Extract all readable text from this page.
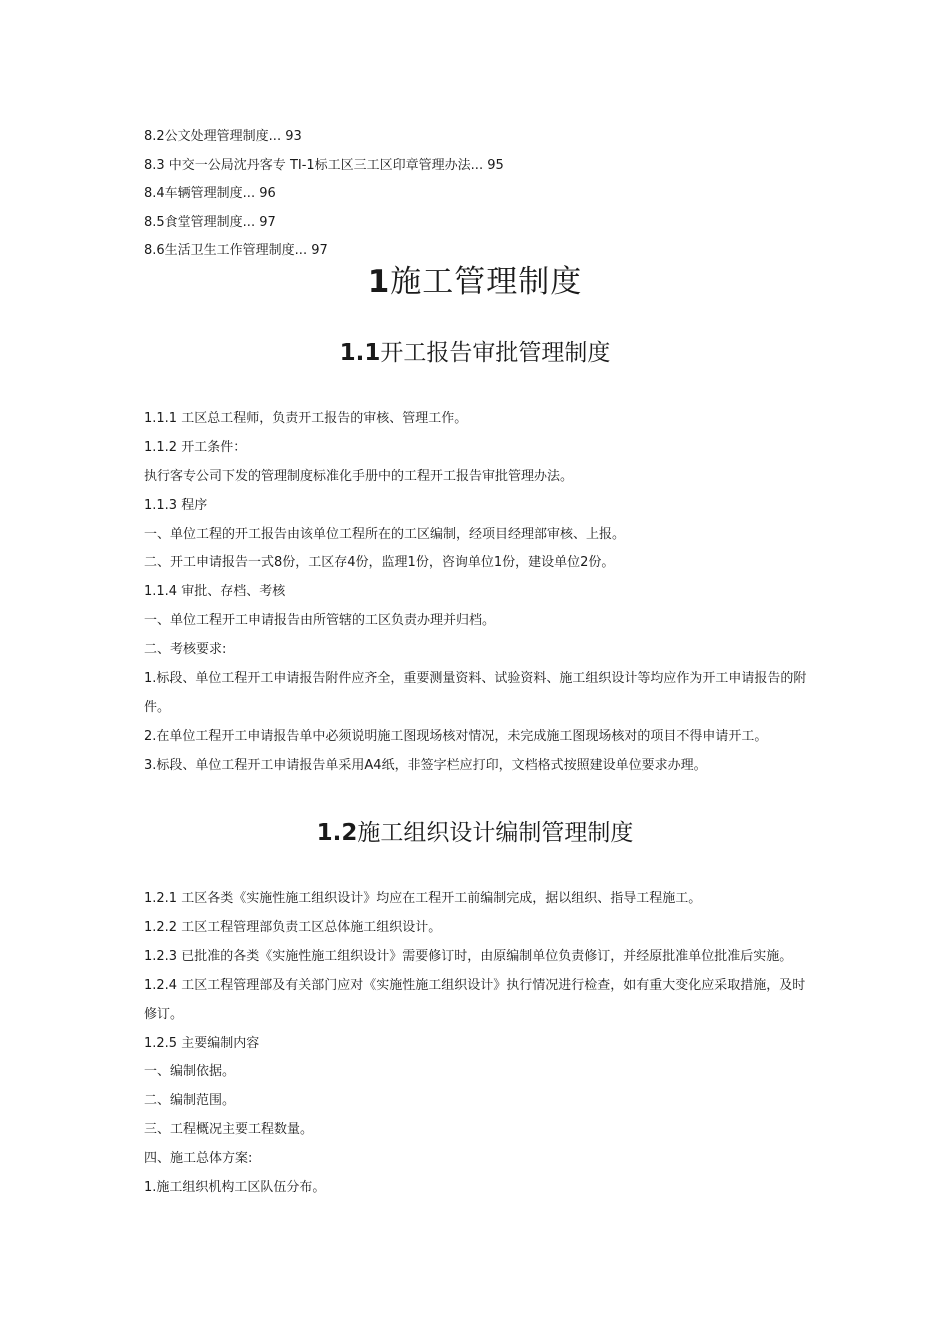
8.2公文处理管理制度... 93
8.3 中交一公局沈丹客专 TI-1标工区三工区印章管理办法... 95
8.4车辆管理制度... 96
8.5食堂管理制度... 97
8.6生活卫生工作管理制度... 97
1施工管理制度
1.1开工报告审批管理制度
1.1.1 工区总工程师，负责开工报告的审核、管理工作。
1.1.2 开工条件：
执行客专公司下发的管理制度标准化手册中的工程开工报告审批管理办法。
1.1.3 程序
一、单位工程的开工报告由该单位工程所在的工区编制，经项目经理部审核、上报。
二、开工申请报告一式8份，工区存4份，监理1份，咨询单位1份，建设单位2份。
1.1.4 审批、存档、考核
一、单位工程开工申请报告由所管辖的工区负责办理并归档。
二、考核要求:
1.标段、单位工程开工申请报告附件应齐全，重要测量资料、试验资料、施工组织设计等均应作为开工申请报告的附件。
2.在单位工程开工申请报告单中必须说明施工图现场核对情况，未完成施工图现场核对的项目不得申请开工。
3.标段、单位工程开工申请报告单采用A4纸，非签字栏应打印，文档格式按照建设单位要求办理。
1.2施工组织设计编制管理制度
1.2.1 工区各类《实施性施工组织设计》均应在工程开工前编制完成，据以组织、指导工程施工。
1.2.2 工区工程管理部负责工区总体施工组织设计。
1.2.3 已批准的各类《实施性施工组织设计》需要修订时，由原编制单位负责修订，并经原批准单位批准后实施。
1.2.4 工区工程管理部及有关部门应对《实施性施工组织设计》执行情况进行检查，如有重大变化应采取措施，及时修订。
1.2.5 主要编制内容
一、编制依据。
二、编制范围。
三、工程概况主要工程数量。
四、施工总体方案:
1.施工组织机构工区队伍分布。
